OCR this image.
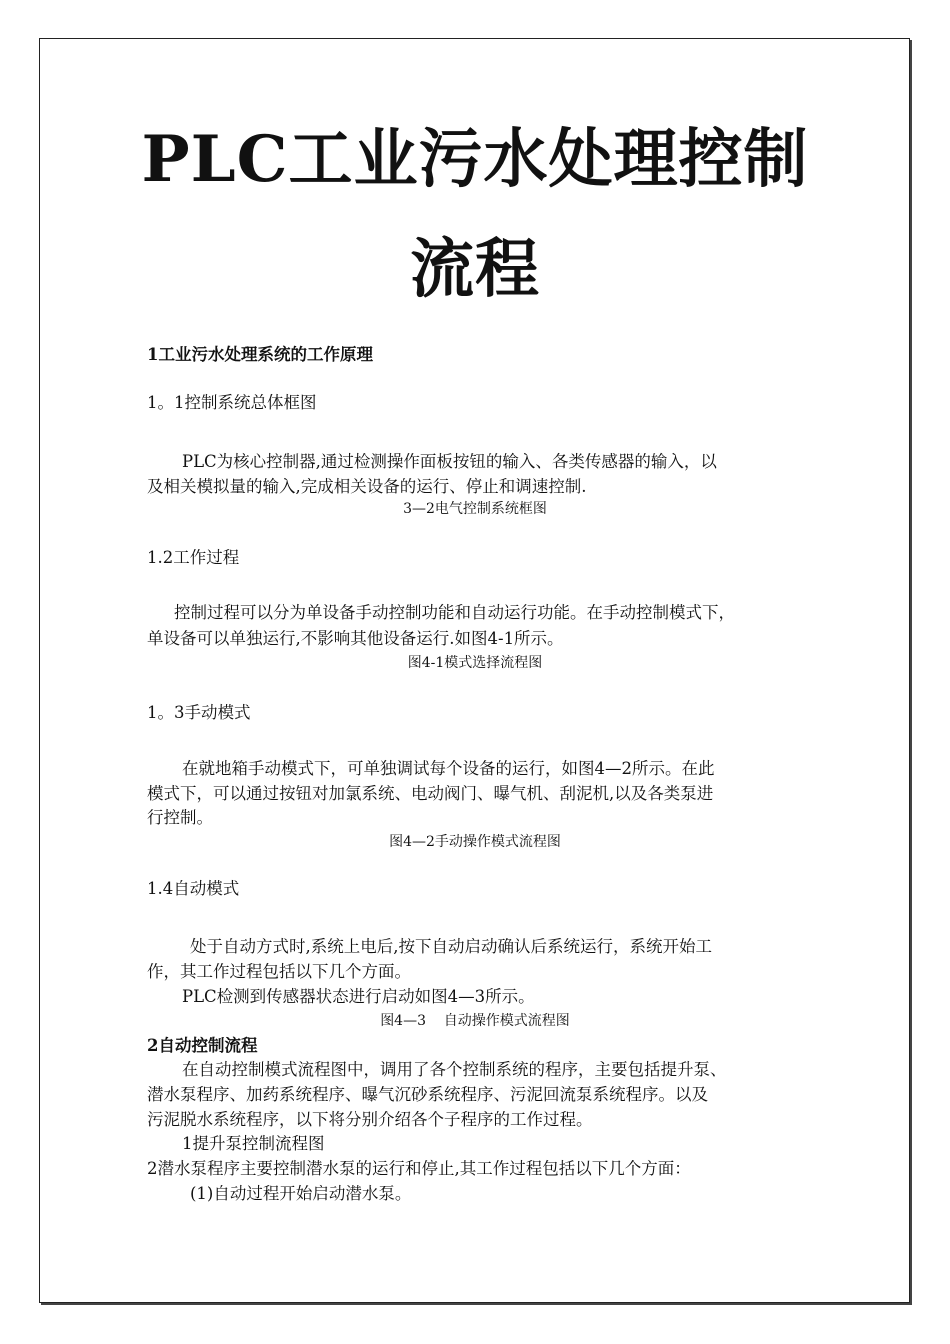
PLC工业污水处理控制
流程
1工业污水处理系统的工作原理
1。1控制系统总体框图
PLC为核心控制器,通过检测操作面板按钮的输入、各类传感器的输入，以
及相关模拟量的输入,完成相关设备的运行、停止和调速控制.
3—2电气控制系统框图
1.2工作过程
控制过程可以分为单设备手动控制功能和自动运行功能。在手动控制模式下，
单设备可以单独运行,不影响其他设备运行.如图4-1所示。
图4-1模式选择流程图
1。3手动模式
在就地箱手动模式下，可单独调试每个设备的运行，如图4—2所示。在此
模式下，可以通过按钮对加氯系统、电动阀门、曝气机、刮泥机,以及各类泵进
行控制。
图4—2手动操作模式流程图
1.4自动模式
处于自动方式时,系统上电后,按下自动启动确认后系统运行，系统开始工
作，其工作过程包括以下几个方面。
PLC检测到传感器状态进行启动如图4—3所示。
图4—3    自动操作模式流程图
2自动控制流程
在自动控制模式流程图中，调用了各个控制系统的程序，主要包括提升泵、
潜水泵程序、加药系统程序、曝气沉砂系统程序、污泥回流泵系统程序。以及
污泥脱水系统程序，以下将分别介绍各个子程序的工作过程。
1提升泵控制流程图
2潜水泵程序主要控制潜水泵的运行和停止,其工作过程包括以下几个方面：
(1)自动过程开始启动潜水泵。
